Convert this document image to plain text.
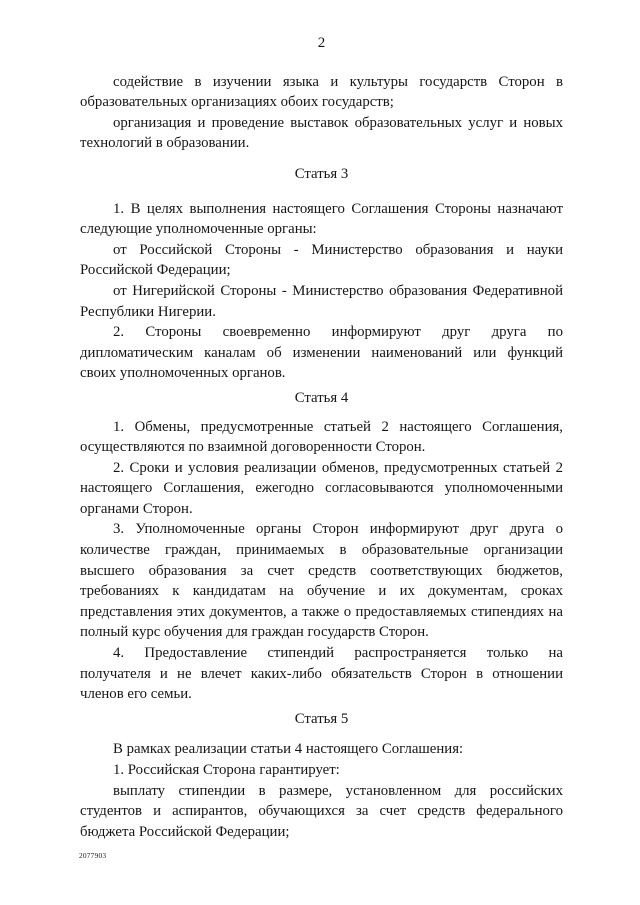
2
содействие в изучении языка и культуры государств Сторон в
образовательных организациях обоих государств;
организация и проведение выставок образовательных услуг и новых
технологий в образовании.
Статья 3
1. В целях выполнения настоящего Соглашения Стороны назначают
следующие уполномоченные органы:
от Российской Стороны - Министерство образования и науки
Российской Федерации;
от Нигерийской Стороны - Министерство образования Федеративной
Республики Нигерии.
2. Стороны своевременно информируют друг друга по
дипломатическим каналам об изменении наименований или функций
своих уполномоченных органов.
Статья 4
1. Обмены, предусмотренные статьей 2 настоящего Соглашения,
осуществляются по взаимной договоренности Сторон.
2. Сроки и условия реализации обменов, предусмотренных статьей 2
настоящего Соглашения, ежегодно согласовываются уполномоченными
органами Сторон.
3. Уполномоченные органы Сторон информируют друг друга о
количестве граждан, принимаемых в образовательные организации
высшего образования за счет средств соответствующих бюджетов,
требованиях к кандидатам на обучение и их документам, сроках
представления этих документов, а также о предоставляемых стипендиях на
полный курс обучения для граждан государств Сторон.
4. Предоставление стипендий распространяется только на
получателя и не влечет каких-либо обязательств Сторон в отношении
членов его семьи.
Статья 5
В рамках реализации статьи 4 настоящего Соглашения:
1. Российская Сторона гарантирует:
выплату стипендии в размере, установленном для российских
студентов и аспирантов, обучающихся за счет средств федерального
бюджета Российской Федерации;
2077903
